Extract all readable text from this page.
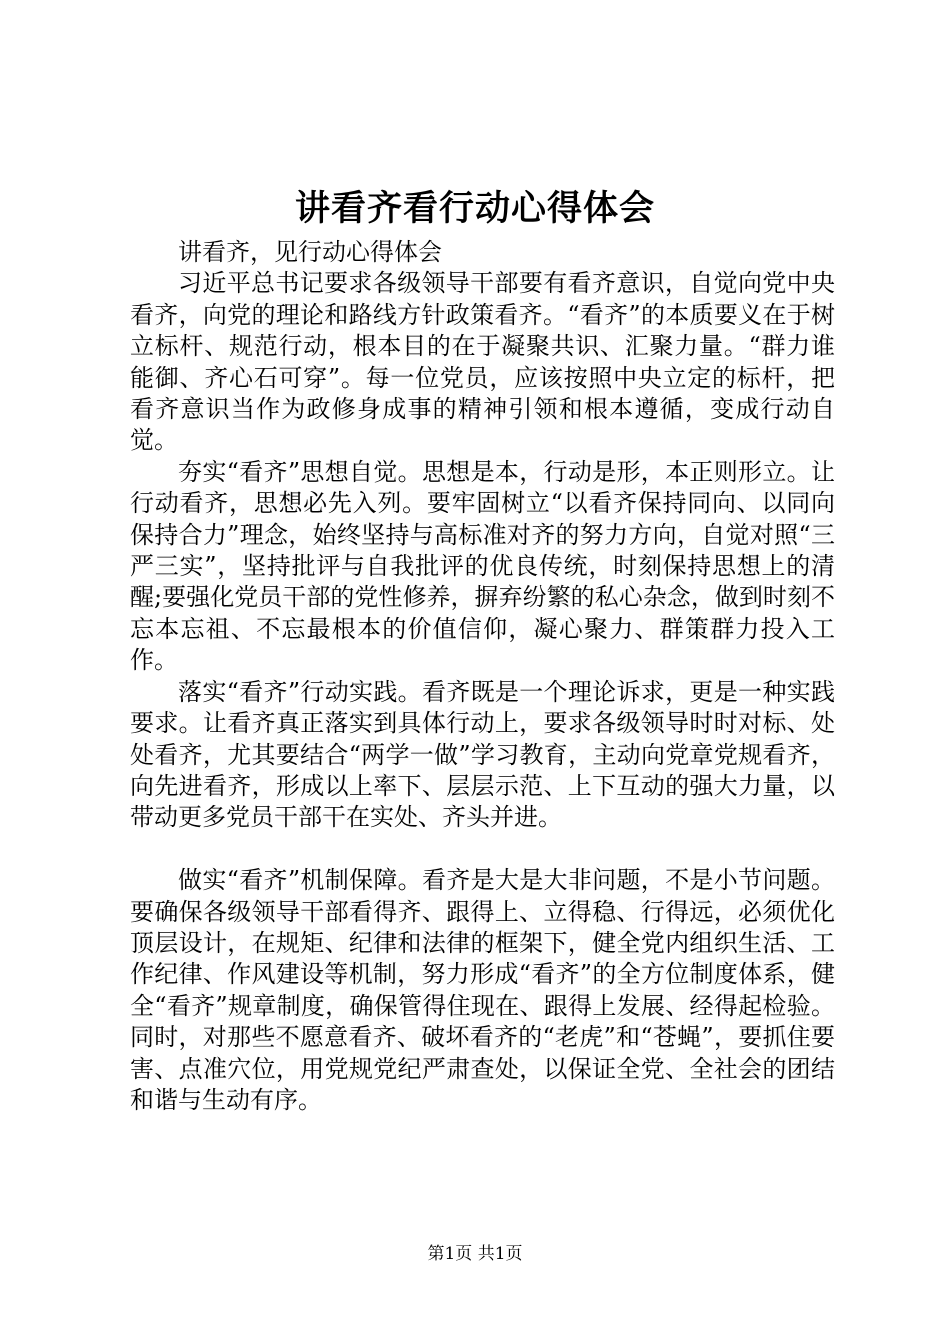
讲看齐看行动心得体会

讲看齐，见行动心得体会

习近平总书记要求各级领导干部要有看齐意识，自觉向党中央看齐，向党的理论和路线方针政策看齐。“看齐”的本质要义在于树立标杆、规范行动，根本目的在于凝聚共识、汇聚力量。“群力谁能御、齐心石可穿”。每一位党员，应该按照中央立定的标杆，把看齐意识当作为政修身成事的精神引领和根本遵循，变成行动自觉。

夯实“看齐”思想自觉。思想是本，行动是形，本正则形立。让行动看齐，思想必先入列。要牢固树立“以看齐保持同向、以同向保持合力”理念，始终坚持与高标准对齐的努力方向，自觉对照“三严三实”，坚持批评与自我批评的优良传统，时刻保持思想上的清醒;要强化党员干部的党性修养，摒弃纷繁的私心杂念，做到时刻不忘本忘祖、不忘最根本的价值信仰，凝心聚力、群策群力投入工作。

落实“看齐”行动实践。看齐既是一个理论诉求，更是一种实践要求。让看齐真正落实到具体行动上，要求各级领导时时对标、处处看齐，尤其要结合“两学一做”学习教育，主动向党章党规看齐，向先进看齐，形成以上率下、层层示范、上下互动的强大力量，以带动更多党员干部干在实处、齐头并进。

做实“看齐”机制保障。看齐是大是大非问题，不是小节问题。要确保各级领导干部看得齐、跟得上、立得稳、行得远，必须优化顶层设计，在规矩、纪律和法律的框架下，健全党内组织生活、工作纪律、作风建设等机制，努力形成“看齐”的全方位制度体系，健全“看齐”规章制度，确保管得住现在、跟得上发展、经得起检验。同时，对那些不愿意看齐、破坏看齐的“老虎”和“苍蝇”，要抓住要害、点准穴位，用党规党纪严肃查处，以保证全党、全社会的团结和谐与生动有序。

第1页 共1页
